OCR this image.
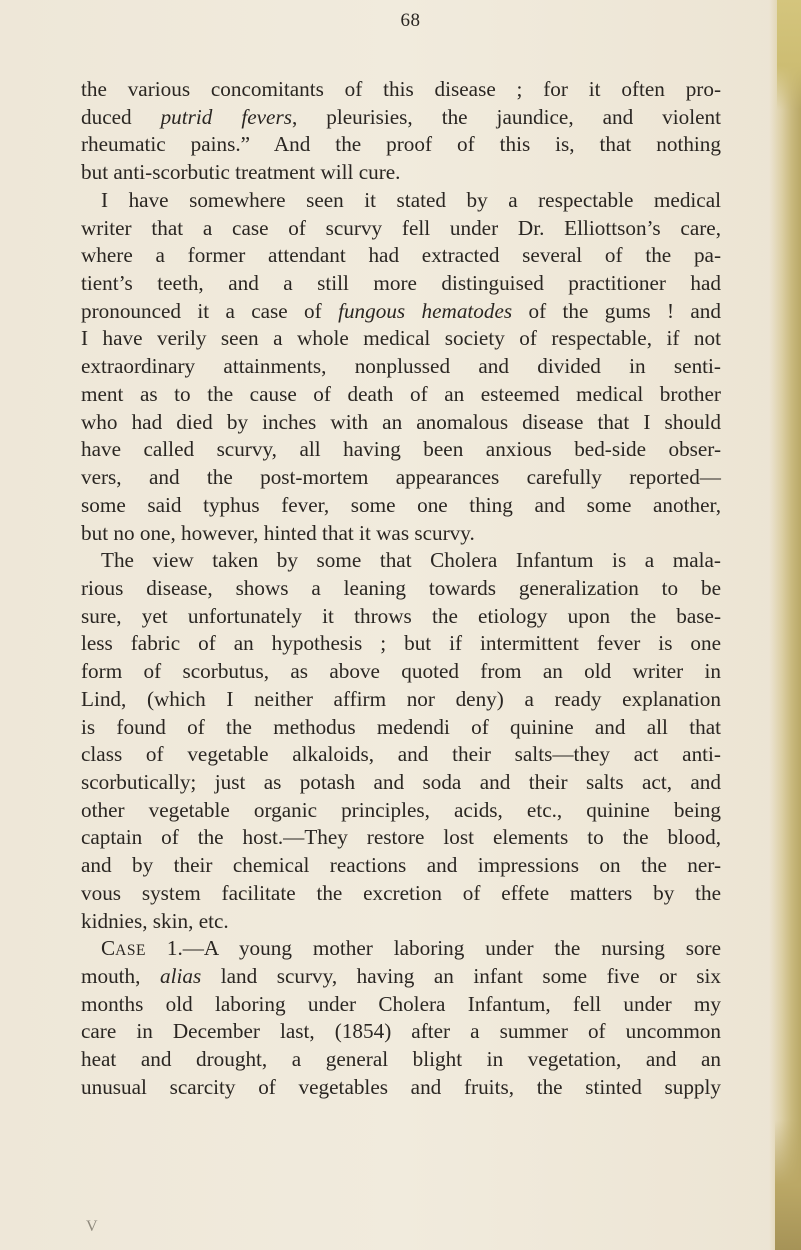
68
the various concomitants of this disease ; for it often pro-
duced putrid fevers, pleurisies, the jaundice, and violent
rheumatic pains.” And the proof of this is, that nothing
but anti-scorbutic treatment will cure.
I have somewhere seen it stated by a respectable medical
writer that a case of scurvy fell under Dr. Elliottson’s care,
where a former attendant had extracted several of the pa-
tient’s teeth, and a still more distinguised practitioner had
pronounced it a case of fungous hematodes of the gums ! and
I have verily seen a whole medical society of respectable, if not
extraordinary attainments, nonplussed and divided in senti-
ment as to the cause of death of an esteemed medical brother
who had died by inches with an anomalous disease that I should
have called scurvy, all having been anxious bed-side obser-
vers, and the post-mortem appearances carefully reported—
some said typhus fever, some one thing and some another,
but no one, however, hinted that it was scurvy.
The view taken by some that Cholera Infantum is a mala-
rious disease, shows a leaning towards generalization to be
sure, yet unfortunately it throws the etiology upon the base-
less fabric of an hypothesis ; but if intermittent fever is one
form of scorbutus, as above quoted from an old writer in
Lind, (which I neither affirm nor deny) a ready explanation
is found of the methodus medendi of quinine and all that
class of vegetable alkaloids, and their salts—they act anti-
scorbutically; just as potash and soda and their salts act, and
other vegetable organic principles, acids, etc., quinine being
captain of the host.—They restore lost elements to the blood,
and by their chemical reactions and impressions on the ner-
vous system facilitate the excretion of effete matters by the
kidnies, skin, etc.
CASE 1.—A young mother laboring under the nursing sore
mouth, alias land scurvy, having an infant some five or six
months old laboring under Cholera Infantum, fell under my
care in December last, (1854) after a summer of uncommon
heat and drought, a general blight in vegetation, and an
unusual scarcity of vegetables and fruits, the stinted supply
V
